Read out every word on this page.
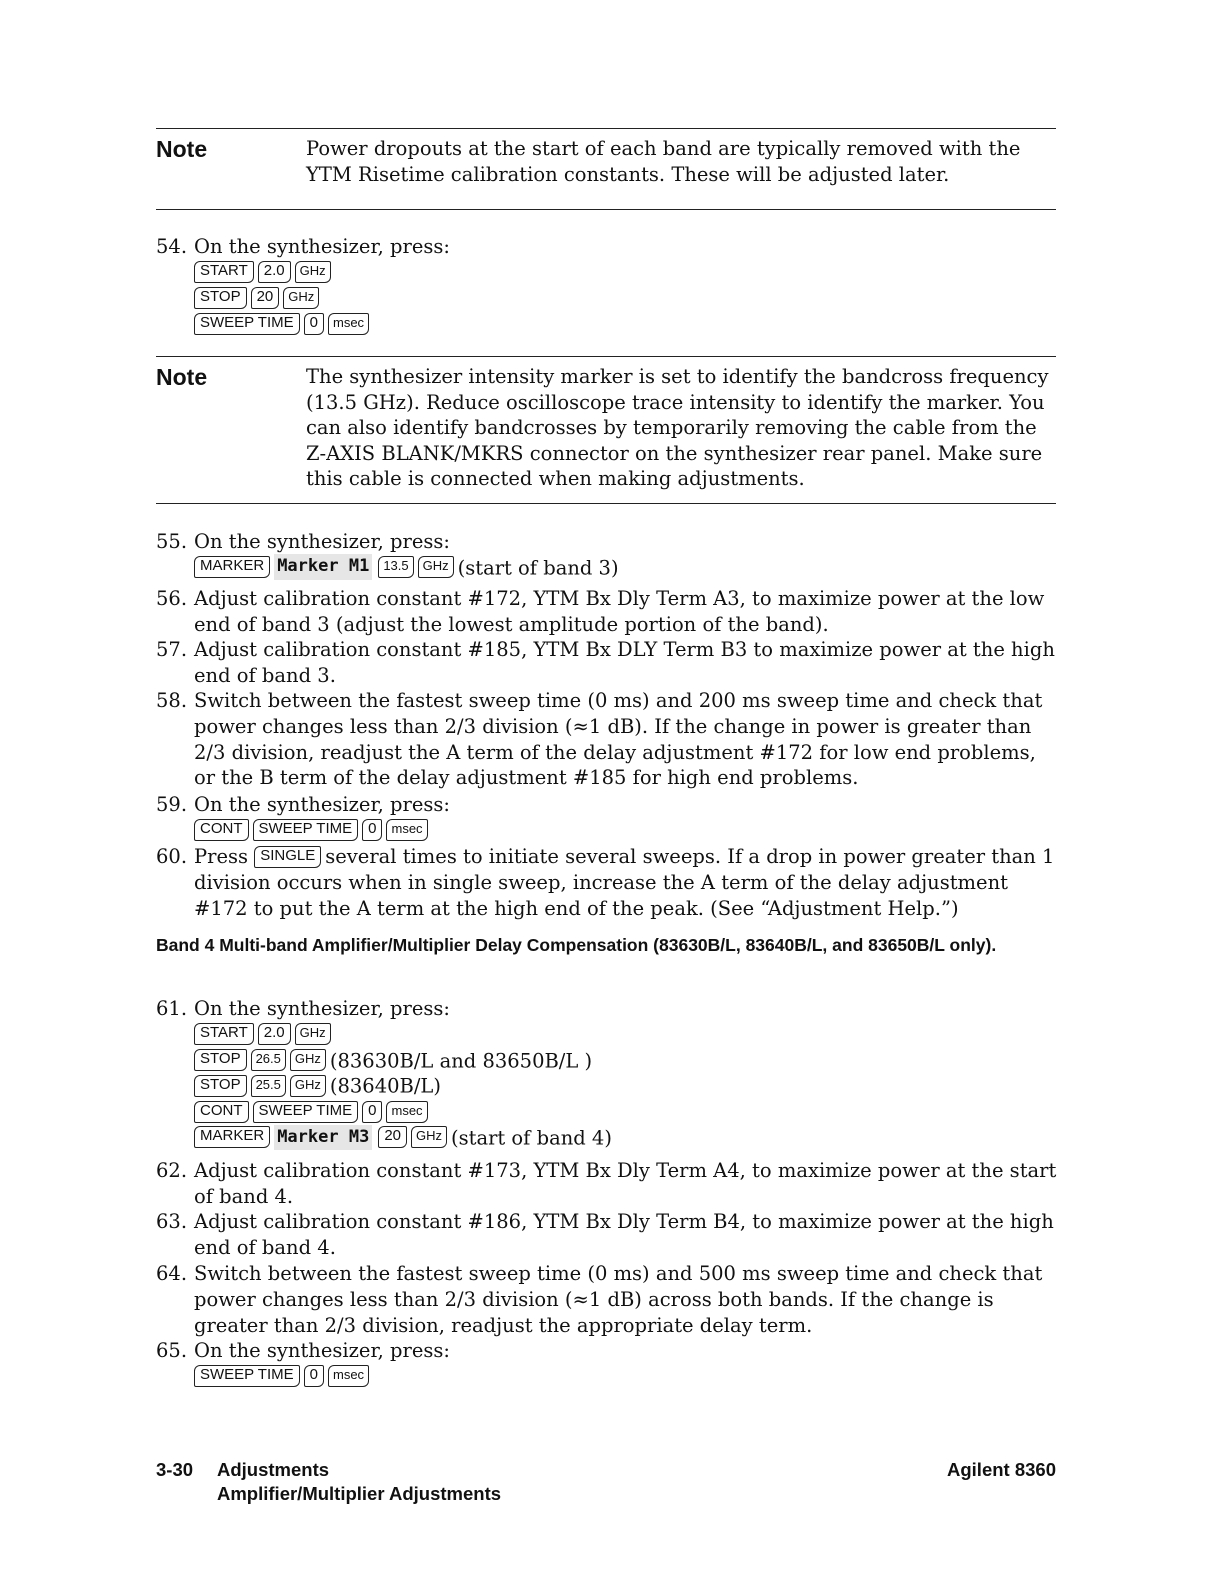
Note	Power dropouts at the start of each band are typically removed with the YTM Risetime calibration constants. These will be adjusted later.
54. On the synthesizer, press:
START 2.0 GHz
STOP 20 GHz
SWEEP TIME 0 msec
Note	The synthesizer intensity marker is set to identify the bandcross frequency (13.5 GHz). Reduce oscilloscope trace intensity to identify the marker. You can also identify bandcrosses by temporarily removing the cable from the Z-AXIS BLANK/MKRS connector on the synthesizer rear panel. Make sure this cable is connected when making adjustments.
55. On the synthesizer, press:
MARKER Marker M1 13.5 GHz (start of band 3)
56. Adjust calibration constant #172, YTM Bx Dly Term A3, to maximize power at the low end of band 3 (adjust the lowest amplitude portion of the band).
57. Adjust calibration constant #185, YTM Bx DLY Term B3 to maximize power at the high end of band 3.
58. Switch between the fastest sweep time (0 ms) and 200 ms sweep time and check that power changes less than 2/3 division (≈1 dB). If the change in power is greater than 2/3 division, readjust the A term of the delay adjustment #172 for low end problems, or the B term of the delay adjustment #185 for high end problems.
59. On the synthesizer, press:
CONT SWEEP TIME 0 msec
60. Press SINGLE several times to initiate several sweeps. If a drop in power greater than 1 division occurs when in single sweep, increase the A term of the delay adjustment #172 to put the A term at the high end of the peak. (See “Adjustment Help.”)
Band 4 Multi-band Amplifier/Multiplier Delay Compensation (83630B/L, 83640B/L, and 83650B/L only).
61. On the synthesizer, press:
START 2.0 GHz
STOP 26.5 GHz (83630B/L and 83650B/L )
STOP 25.5 GHz (83640B/L)
CONT SWEEP TIME 0 msec
MARKER Marker M3 20 GHz (start of band 4)
62. Adjust calibration constant #173, YTM Bx Dly Term A4, to maximize power at the start of band 4.
63. Adjust calibration constant #186, YTM Bx Dly Term B4, to maximize power at the high end of band 4.
64. Switch between the fastest sweep time (0 ms) and 500 ms sweep time and check that power changes less than 2/3 division (≈1 dB) across both bands. If the change is greater than 2/3 division, readjust the appropriate delay term.
65. On the synthesizer, press:
SWEEP TIME 0 msec
3-30 Adjustments
Amplifier/Multiplier Adjustments
Agilent 8360
